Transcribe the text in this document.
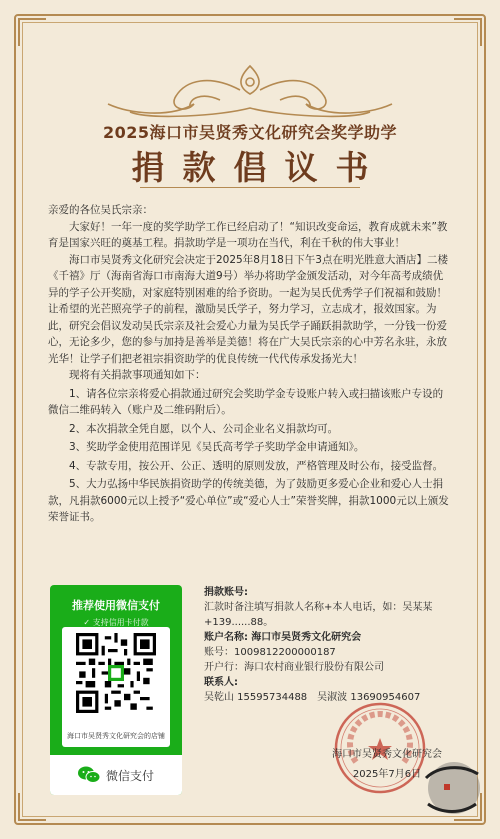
2025海口市吴贤秀文化研究会奖学助学
捐款倡议书

亲爱的各位吴氏宗亲：

大家好！一年一度的奖学助学工作已经启动了！“知识改变命运，教育成就未来”教育是国家兴旺的奠基工程。捐款助学是一项功在当代，利在千秋的伟大事业！

海口市吴贤秀文化研究会决定于2025年8月18日下午3点在明光胜意大酒店】二楼《千禧》厅（海南省海口市南海大道9号）举办将助学金颁发活动，对今年高考成绩优异的学子公开奖励，对家庭特别困难的给予资助。一起为吴氏优秀学子们祝福和鼓励！让希望的光芒照亮学子的前程，激励吴氏学子，努力学习，立志成才，报效国家。为此，研究会倡议发动吴氏宗亲及社会爱心力量为吴氏学子踊跃捐款助学，一分钱一份爱心，无论多少，您的参与加持是善举是美德！将在广大吴氏宗亲的心中芳名永驻，永放光华！让学子们把老祖宗捐资助学的优良传统一代代传承发扬光大！

现将有关捐款事项通知如下：

1、请各位宗亲将爱心捐款通过研究会奖助学金专设账户转入或扫描该账户专设的微信二维码转入（账户及二维码附后）。

2、本次捐款全凭自愿，以个人、公司企业名义捐款均可。

3、奖助学金使用范围详见《吴氏高考学子奖助学金申请通知》。

4、专款专用，按公开、公正、透明的原则发放，严格管理及时公布，接受监督。

5、大力弘扬中华民族捐资助学的传统美德，为了鼓励更多爱心企业和爱心人士捐款，凡捐款6000元以上授予“爱心单位”或“爱心人士”荣誉奖牌，捐款1000元以上颁发荣誉证书。

推荐使用微信支付
✓ 支持信用卡付款
海口市吴贤秀文化研究会的店铺
微信支付

捐款账号:

汇款时备注填写捐款人名称+本人电话，如：吴某某+139......88。

账户名称: 海口市吴贤秀文化研究会

账号：1009812200000187

开户行：海口农村商业银行股份有限公司

联系人:

吴乾山 15595734488 吴淑波 13690954607

海口市吴贤秀文化研究会
2025年7月6日
